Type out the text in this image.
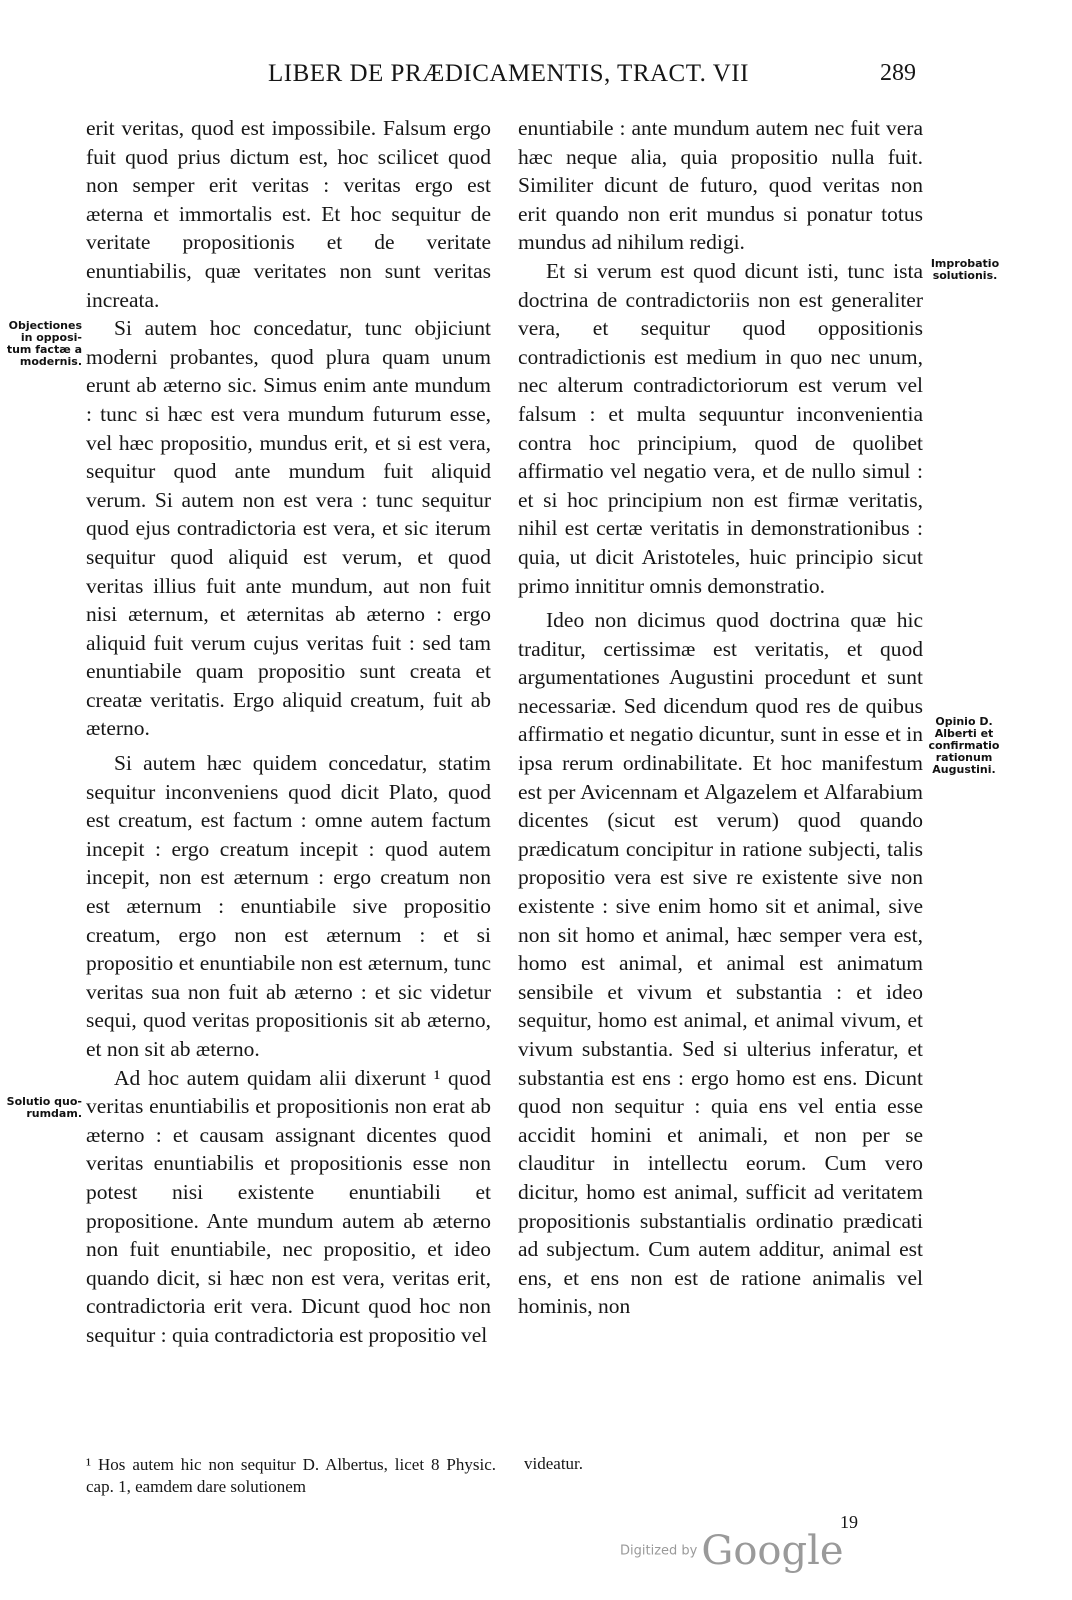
LIBER DE PRÆDICAMENTIS, TRACT. VII	289

erit veritas, quod est impossibile. Falsum ergo fuit quod prius dictum est, hoc scilicet quod non semper erit veritas : veritas ergo est æterna et immortalis est. Et hoc sequitur de veritate propositionis et de veritate enuntiabilis, quæ veritates non sunt veritas increata.

Si autem hoc concedatur, tunc objiciunt moderni probantes, quod plura quam unum erunt ab æterno sic. Simus enim ante mundum : tunc si hæc est vera mundum futurum esse, vel hæc propositio, mundus erit, et si est vera, sequitur quod ante mundum fuit aliquid verum. Si autem non est vera : tunc sequitur quod ejus contradictoria est vera, et sic iterum sequitur quod aliquid est verum, et quod veritas illius fuit ante mundum, aut non fuit nisi æternum, et æternitas ab æterno : ergo aliquid fuit verum cujus veritas fuit : sed tam enuntiabile quam propositio sunt creata et creatæ veritatis. Ergo aliquid creatum, fuit ab æterno.

Si autem hæc quidem concedatur, statim sequitur inconveniens quod dicit Plato, quod est creatum, est factum : omne autem factum incepit : ergo creatum incepit : quod autem incepit, non est æternum : ergo creatum non est æternum : enuntiabile sive propositio creatum, ergo non est æternum : et si propositio et enuntiabile non est æternum, tunc veritas sua non fuit ab æterno : et sic videtur sequi, quod veritas propositionis sit ab æterno, et non sit ab æterno.

Ad hoc autem quidam alii dixerunt ¹ quod veritas enuntiabilis et propositionis non erat ab æterno : et causam assignant dicentes quod veritas enuntiabilis et propositionis esse non potest nisi existente enuntiabili et propositione. Ante mundum autem ab æterno non fuit enuntiabile, nec propositio, et ideo quando dicit, si hæc non est vera, veritas erit, contradictoria erit vera. Dicunt quod hoc non sequitur : quia contradictoria est propositio vel

enuntiabile : ante mundum autem nec fuit vera hæc neque alia, quia propositio nulla fuit. Similiter dicunt de futuro, quod veritas non erit quando non erit mundus si ponatur totus mundus ad nihilum redigi.

Et si verum est quod dicunt isti, tunc ista doctrina de contradictoriis non est generaliter vera, et sequitur quod oppositionis contradictionis est medium in quo nec unum, nec alterum contradictoriorum est verum vel falsum : et multa sequuntur inconvenientia contra hoc principium, quod de quolibet affirmatio vel negatio vera, et de nullo simul : et si hoc principium non est firmæ veritatis, nihil est certæ veritatis in demonstrationibus : quia, ut dicit Aristoteles, huic principio sicut primo innititur omnis demonstratio.

Ideo non dicimus quod doctrina quæ hic traditur, certissimæ est veritatis, et quod argumentationes Augustini procedunt et sunt necessariæ. Sed dicendum quod res de quibus affirmatio et negatio dicuntur, sunt in esse et in ipsa rerum ordinabilitate. Et hoc manifestum est per Avicennam et Algazelem et Alfarabium dicentes (sicut est verum) quod quando prædicatum concipitur in ratione subjecti, talis propositio vera est sive re existente sive non existente : sive enim homo sit et animal, sive non sit homo et animal, hæc semper vera est, homo est animal, et animal est animatum sensibile et vivum et substantia : et ideo sequitur, homo est animal, et animal vivum, et vivum substantia. Sed si ulterius inferatur, et substantia est ens : ergo homo est ens. Dicunt quod non sequitur : quia ens vel entia esse accidit homini et animali, et non per se clauditur in intellectu eorum. Cum vero dicitur, homo est animal, sufficit ad veritatem propositionis substantialis ordinatio prædicati ad subjectum. Cum autem additur, animal est ens, et ens non est de ratione animalis vel hominis, non

Objectiones
in opposi-
tum factæ a
modernis.
Solutio quo-
rumdam.
Improbatio
solutionis.
Opinio D.
Alberti et
confirmatio
rationum
Augustini.
¹ Hos autem hic non sequitur D. Albertus, licet 8 Physic. cap. 1, eamdem dare solutionem
videatur.
19
Digitized by Google
